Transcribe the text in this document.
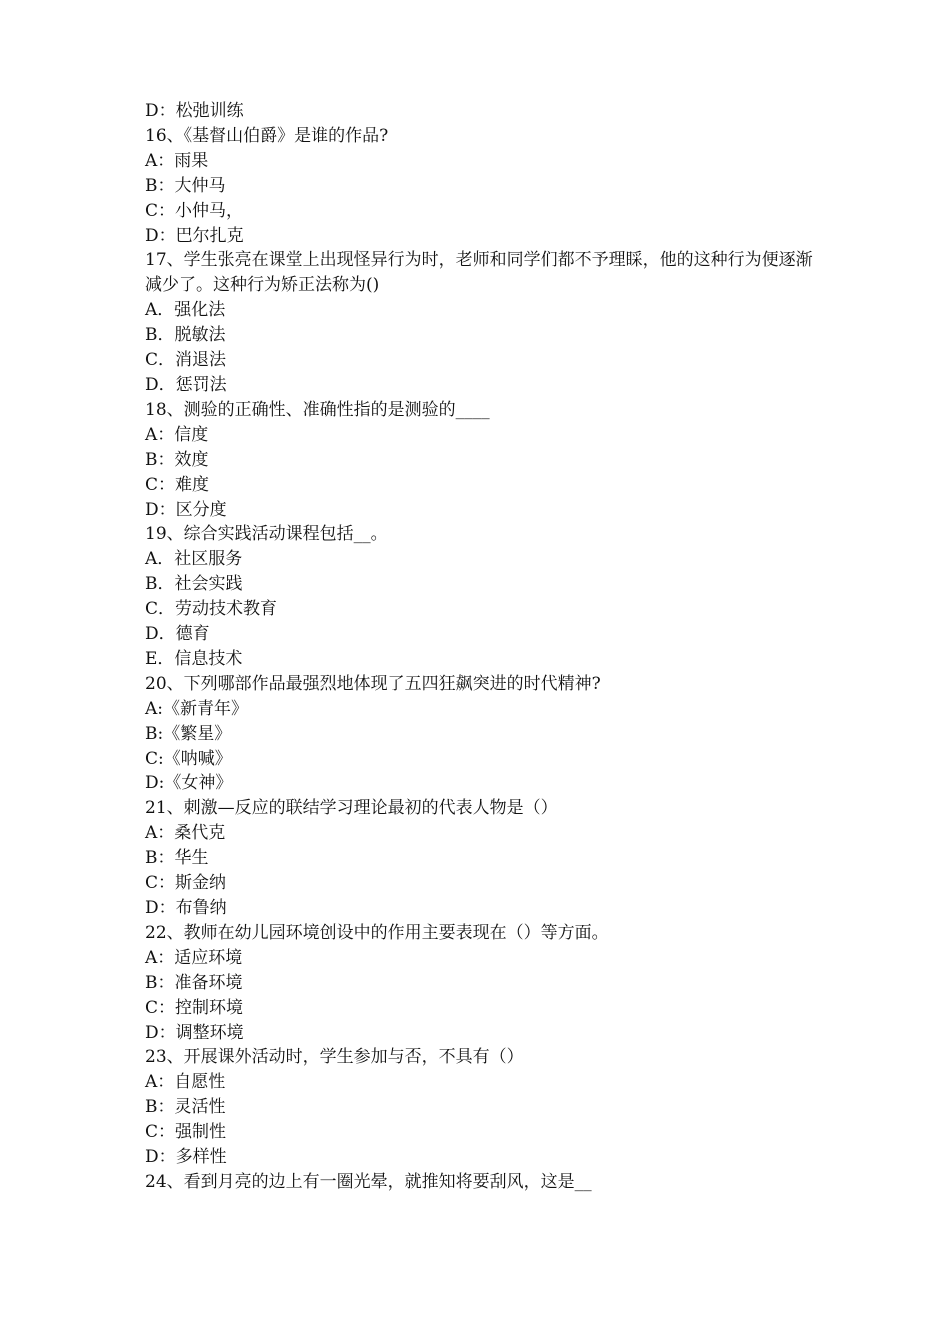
D：松弛训练
16、《基督山伯爵》是谁的作品?
A：雨果
B：大仲马
C：小仲马，
D：巴尔扎克
17、学生张亮在课堂上出现怪异行为时，老师和同学们都不予理睬，他的这种行为便逐渐减少了。这种行为矫正法称为()
A．强化法
B．脱敏法
C．消退法
D．惩罚法
18、测验的正确性、准确性指的是测验的____
A：信度
B：效度
C：难度
D：区分度
19、综合实践活动课程包括__。
A．社区服务
B．社会实践
C．劳动技术教育
D．德育
E．信息技术
20、下列哪部作品最强烈地体现了五四狂飙突进的时代精神?
A:《新青年》
B:《繁星》
C:《呐喊》
D:《女神》
21、刺激—反应的联结学习理论最初的代表人物是（）
A：桑代克
B：华生
C：斯金纳
D：布鲁纳
22、教师在幼儿园环境创设中的作用主要表现在（）等方面。
A：适应环境
B：准备环境
C：控制环境
D：调整环境
23、开展课外活动时，学生参加与否，不具有（）
A：自愿性
B：灵活性
C：强制性
D：多样性
24、看到月亮的边上有一圈光晕，就推知将要刮风，这是__
